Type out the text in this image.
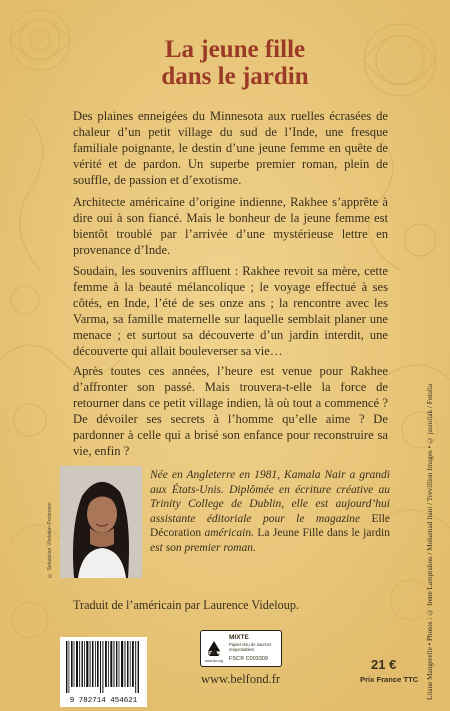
La jeune fille
dans le jardin

Des plaines enneigées du Minnesota aux ruelles écrasées de chaleur d’un petit village du sud de l’Inde, une fresque familiale poignante, le destin d’une jeune femme en quête de vérité et de pardon. Un superbe premier roman, plein de souffle, de passion et d’exotisme.

Architecte américaine d’origine indienne, Rakhee s’apprête à dire oui à son fiancé. Mais le bonheur de la jeune femme est bientôt troublé par l’arrivée d’une mystérieuse lettre en provenance d’Inde.

Soudain, les souvenirs affluent : Rakhee revoit sa mère, cette femme à la beauté mélancolique ; le voyage effectué à ses côtés, en Inde, l’été de ses onze ans ; la rencontre avec les Varma, sa famille maternelle sur laquelle semblait planer une menace ; et surtout sa découverte d’un jardin interdit, une découverte qui allait bouleverser sa vie…

Après toutes ces années, l’heure est venue pour Rakhee d’affronter son passé. Mais trouvera-t-elle la force de retourner dans ce petit village indien, là où tout a commencé ? De dévoiler ses secrets à l’homme qu’elle aime ? De pardonner à celle qui a brisé son enfance pour reconstruire sa vie, enfin ?

© Sebastian Vikdalen-Pedersen

Née en Angleterre en 1981, Kamala Nair a grandi aux États-Unis. Diplômée en écriture créative au Trinity College de Dublin, elle est aujourd’hui assistante éditoriale pour le magazine Elle Décoration américain. La Jeune Fille dans le jardin est son premier roman.

Traduit de l’américain par Laurence Videloup.
9 782714 454621
FSC
www.fsc.org
MIXTE
Papier issu de sources responsables
FSC® C003309
www.belfond.fr
21 €
Prix France TTC Lilane Mangerelle • Photos : © Irene Lamprakou / Mohamad Itani / Trevillion Images • © jasmilak / Fotolia
